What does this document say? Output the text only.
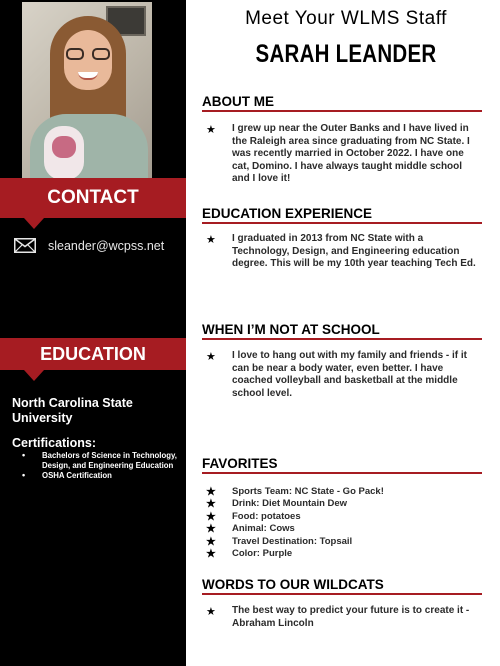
CONTACT
sleander@wcpss.net
EDUCATION
North Carolina State University
Certifications:
• Bachelors of Science in Technology, Design, and Engineering Education
• OSHA Certification
Meet Your WLMS Staff
SARAH LEANDER
ABOUT ME
★ I grew up near the Outer Banks and I have lived in the Raleigh area since graduating from NC State. I was recently married in October 2022. I have one cat, Domino. I have always taught middle school and I love it!

EDUCATION EXPERIENCE
★ I graduated in 2013 from NC State with a Technology, Design, and Engineering education degree. This will be my 10th year teaching Tech Ed.

WHEN I’M NOT AT SCHOOL
★ I love to hang out with my family and friends - if it can be near a body water, even better. I have coached volleyball and basketball at the middle school level.

FAVORITES
★ Sports Team: NC State - Go Pack!
★ Drink: Diet Mountain Dew
★ Food: potatoes
★ Animal: Cows
★ Travel Destination: Topsail
★ Color: Purple
WORDS TO OUR WILDCATS
★ The best way to predict your future is to create it - Abraham Lincoln
